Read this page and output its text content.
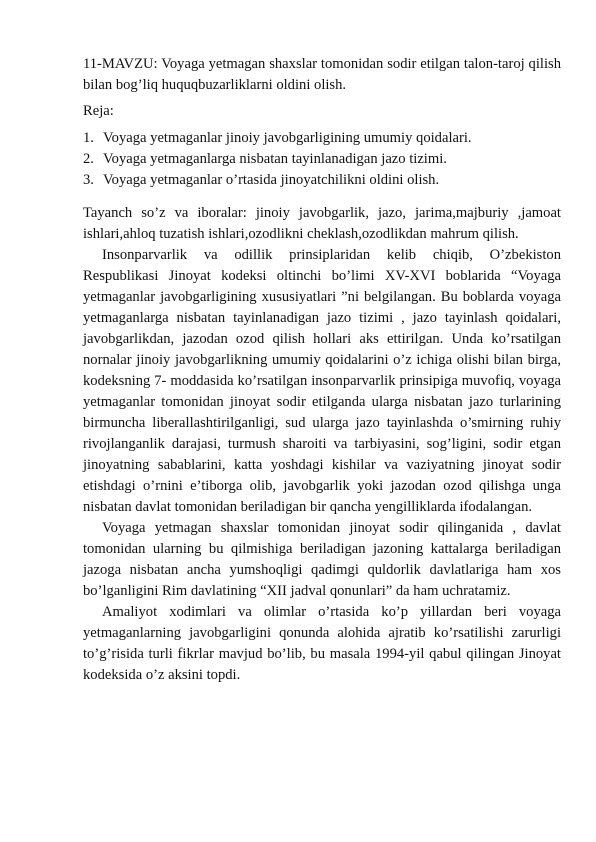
11-MAVZU: Voyaga yetmagan shaxslar tomonidan sodir etilgan talon-taroj qilish bilan bog’liq huquqbuzarliklarni oldini olish.

Reja:

1. Voyaga yetmaganlar jinoiy javobgarligining umumiy qoidalari.
2. Voyaga yetmaganlarga nisbatan tayinlanadigan jazo tizimi.
3. Voyaga yetmaganlar o’rtasida jinoyatchilikni oldini olish.

Tayanch so’z va iboralar: jinoiy javobgarlik, jazo, jarima,majburiy ,jamoat ishlari,ahloq tuzatish ishlari,ozodlikni cheklash,ozodlikdan mahrum qilish.

Insonparvarlik va odillik prinsiplaridan kelib chiqib, O’zbekiston Respublikasi Jinoyat kodeksi oltinchi bo’limi XV-XVI boblarida “Voyaga yetmaganlar javobgarligining xususiyatlari ”ni belgilangan. Bu boblarda voyaga yetmaganlarga nisbatan tayinlanadigan jazo tizimi , jazo tayinlash qoidalari, javobgarlikdan, jazodan ozod qilish hollari aks ettirilgan. Unda ko’rsatilgan nornalar jinoiy javobgarlikning umumiy qoidalarini o’z ichiga olishi bilan birga, kodeksning 7- moddasida ko’rsatilgan insonparvarlik prinsipiga muvofiq, voyaga yetmaganlar tomonidan jinoyat sodir etilganda ularga nisbatan jazo turlarining birmuncha liberallashtirilganligi, sud ularga jazo tayinlashda o’smirning ruhiy rivojlanganlik darajasi, turmush sharoiti va tarbiyasini, sog’ligini, sodir etgan jinoyatning sabablarini, katta yoshdagi kishilar va vaziyatning jinoyat sodir etishdagi o’rnini e’tiborga olib, javobgarlik yoki jazodan ozod qilishga unga nisbatan davlat tomonidan beriladigan bir qancha yengilliklarda ifodalangan.

Voyaga yetmagan shaxslar tomonidan jinoyat sodir qilinganida , davlat tomonidan ularning bu qilmishiga beriladigan jazoning kattalarga beriladigan jazoga nisbatan ancha yumshoqligi qadimgi quldorlik davlatlariga ham xos bo’lganligini Rim davlatining “XII jadval qonunlari” da ham uchratamiz.

Amaliyot xodimlari va olimlar o’rtasida ko’p yillardan beri voyaga yetmaganlarning javobgarligini qonunda alohida ajratib ko’rsatilishi zarurligi to’g’risida turli fikrlar mavjud bo’lib, bu masala 1994-yil qabul qilingan Jinoyat kodeksida o’z aksini topdi.
